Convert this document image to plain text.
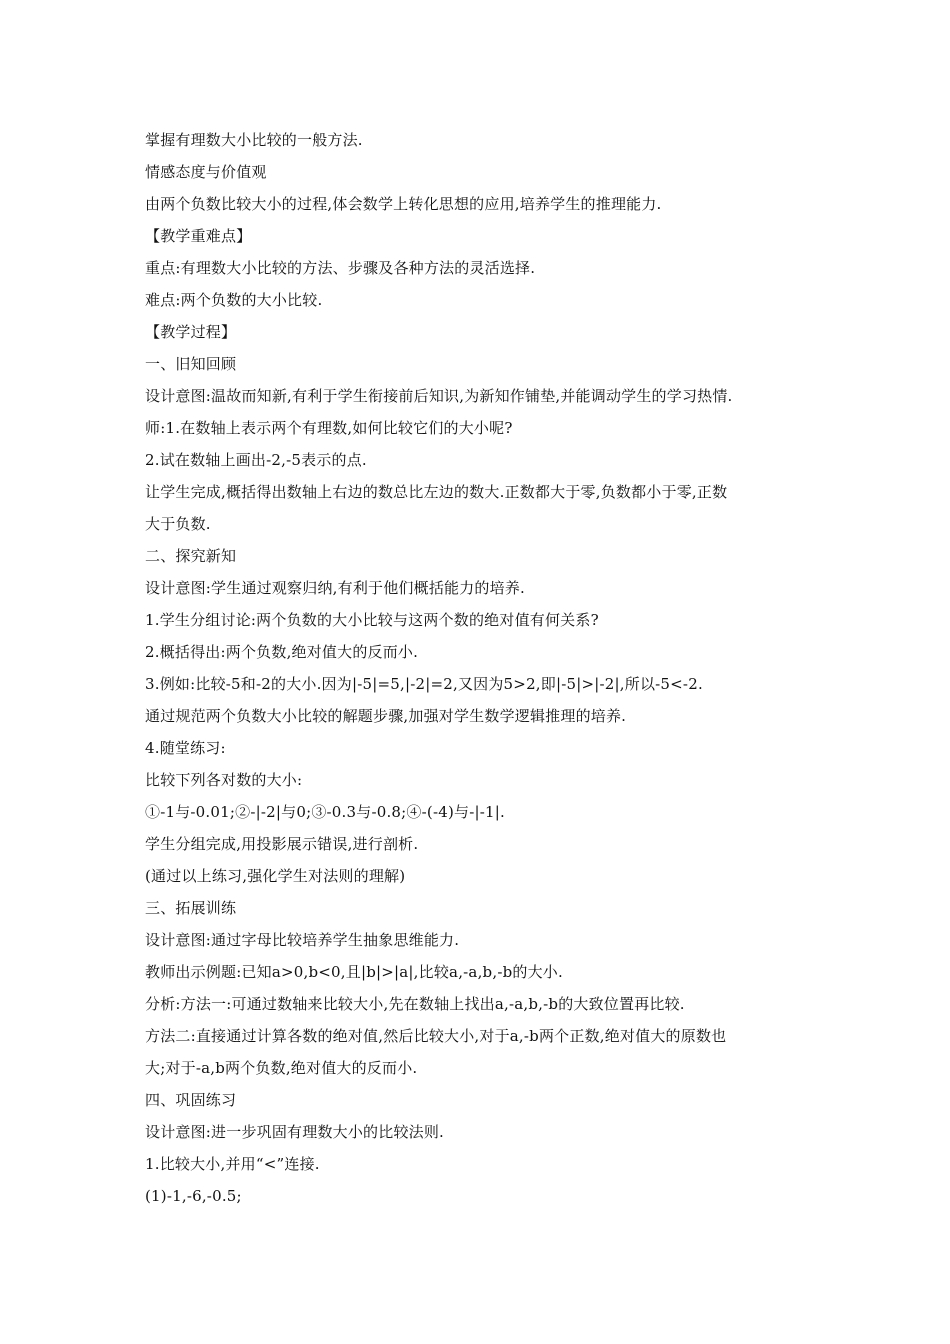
掌握有理数大小比较的一般方法.
情感态度与价值观
由两个负数比较大小的过程,体会数学上转化思想的应用,培养学生的推理能力.
【教学重难点】
重点:有理数大小比较的方法、步骤及各种方法的灵活选择.
难点:两个负数的大小比较.
【教学过程】
一、旧知回顾
设计意图:温故而知新,有利于学生衔接前后知识,为新知作铺垫,并能调动学生的学习热情.
师:1.在数轴上表示两个有理数,如何比较它们的大小呢?
2.试在数轴上画出-2,-5表示的点.
让学生完成,概括得出数轴上右边的数总比左边的数大.正数都大于零,负数都小于零,正数
大于负数.
二、探究新知
设计意图:学生通过观察归纳,有利于他们概括能力的培养.
1.学生分组讨论:两个负数的大小比较与这两个数的绝对值有何关系?
2.概括得出:两个负数,绝对值大的反而小.
3.例如:比较-5和-2的大小.因为|-5|=5,|-2|=2,又因为5>2,即|-5|>|-2|,所以-5<-2.
通过规范两个负数大小比较的解题步骤,加强对学生数学逻辑推理的培养.
4.随堂练习:
比较下列各对数的大小:
①-1与-0.01;②-|-2|与0;③-0.3与-0.8;④-(-4)与-|-1|.
学生分组完成,用投影展示错误,进行剖析.
(通过以上练习,强化学生对法则的理解)
三、拓展训练
设计意图:通过字母比较培养学生抽象思维能力.
教师出示例题:已知a>0,b<0,且|b|>|a|,比较a,-a,b,-b的大小.
分析:方法一:可通过数轴来比较大小,先在数轴上找出a,-a,b,-b的大致位置再比较.
方法二:直接通过计算各数的绝对值,然后比较大小,对于a,-b两个正数,绝对值大的原数也
大;对于-a,b两个负数,绝对值大的反而小.
四、巩固练习
设计意图:进一步巩固有理数大小的比较法则.
1.比较大小,并用“<”连接.
(1)-1,-6,-0.5;
